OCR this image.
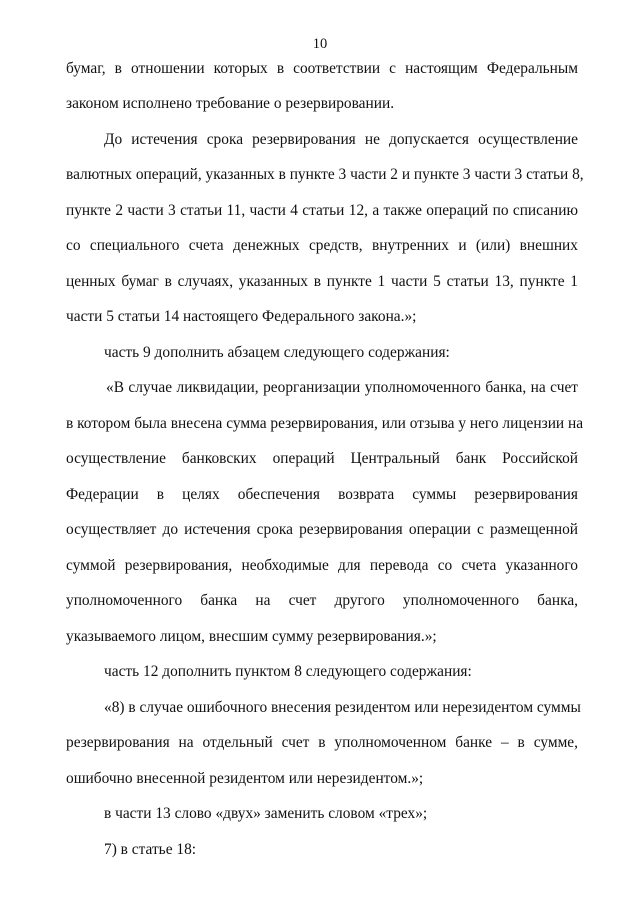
10
бумаг, в отношении которых в соответствии с настоящим Федеральным
законом исполнено требование о резервировании.
До истечения срока резервирования не допускается осуществление
валютных операций, указанных в пункте 3 части 2 и пункте 3 части 3 статьи 8,
пункте 2 части 3 статьи 11, части 4 статьи 12, а также операций по списанию
со специального счета денежных средств, внутренних и (или) внешних
ценных бумаг в случаях, указанных в пункте 1 части 5 статьи 13, пункте 1
части 5 статьи 14 настоящего Федерального закона.»;
часть 9 дополнить абзацем следующего содержания:
«В случае ликвидации, реорганизации уполномоченного банка, на счет
в котором была внесена сумма резервирования, или отзыва у него лицензии на
осуществление банковских операций Центральный банк Российской
Федерации в целях обеспечения возврата суммы резервирования
осуществляет до истечения срока резервирования операции с размещенной
суммой резервирования, необходимые для перевода со счета указанного
уполномоченного банка на счет другого уполномоченного банка,
указываемого лицом, внесшим сумму резервирования.»;
часть 12 дополнить пунктом 8 следующего содержания:
«8) в случае ошибочного внесения резидентом или нерезидентом суммы
резервирования на отдельный счет в уполномоченном банке – в сумме,
ошибочно внесенной резидентом или нерезидентом.»;
в части 13 слово «двух» заменить словом «трех»;
7) в статье 18:
